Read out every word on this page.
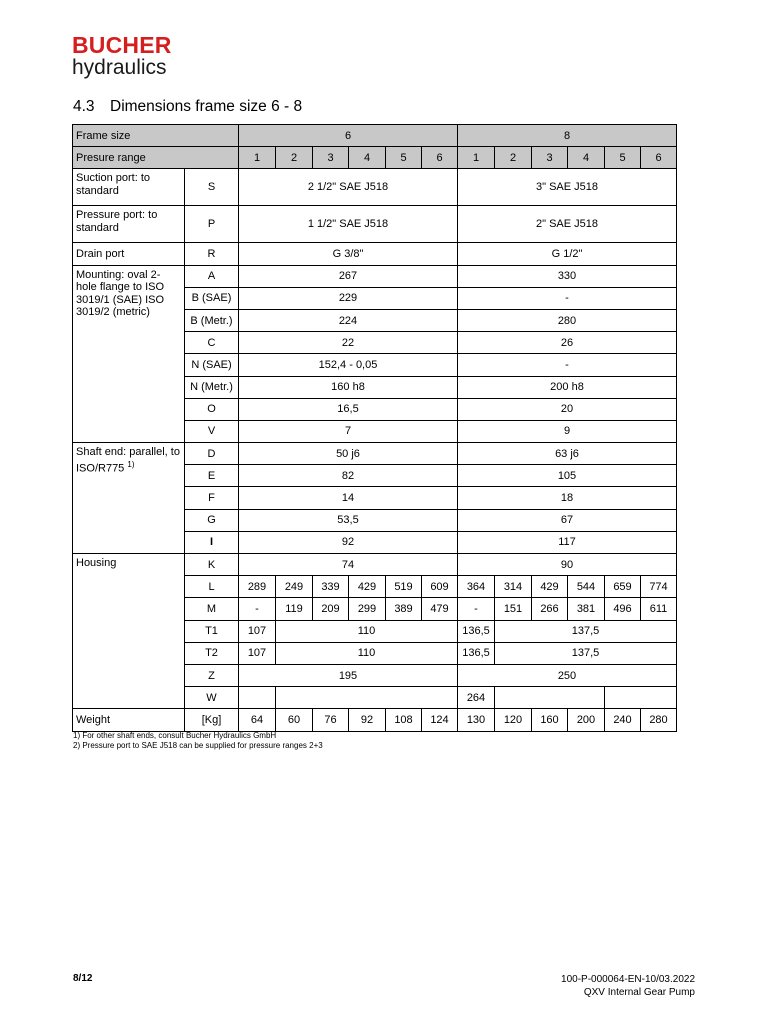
BUCHER
hydraulics
4.3 Dimensions frame size 6 - 8
Frame size		6						8					
Presure range		1	2	3	4	5	6	1	2	3	4	5	6
Suction port: to standard	S	2 1/2" SAE J518						3" SAE J518					
Pressure port: to standard	P	1 1/2" SAE J518						2" SAE J518					
Drain port	R	G 3/8"						G 1/2"					
Mounting: oval 2-hole flange to ISO 3019/1 (SAE) ISO 3019/2 (metric)	A	267						330					
	B (SAE)	229						-					
	B (Metr.)	224						280					
	C	22						26					
	N (SAE)	152,4 - 0,05						-					
	N (Metr.)	160 h8						200 h8					
	O	16,5						20					
	V	7						9					
Shaft end: parallel, to ISO/R775 $^{1)}$	D	50 j6						63 j6					
	E	82						105					
	F	14						18					
	G	53,5						67					
	I	92						117					
Housing	K	74						90					
	L	289	249	339	429	519	609	364	314	429	544	659	774
	M	-	119	209	299	389	479	-	151	266	381	496	611
	T1	107	110					136,5	137,5				
	T2	107	110					136,5	137,5				
	Z	195						250					
	W							264					
Weight	[Kg]	64	60	76	92	108	124	130	120	160	200	240	280
1) For other shaft ends, consult Bucher Hydraulics GmbH
2) Pressure port to SAE J518 can be supplied for pressure ranges 2+3
8/12	100-P-000064-EN-10/03.2022
QXV Internal Gear Pump
